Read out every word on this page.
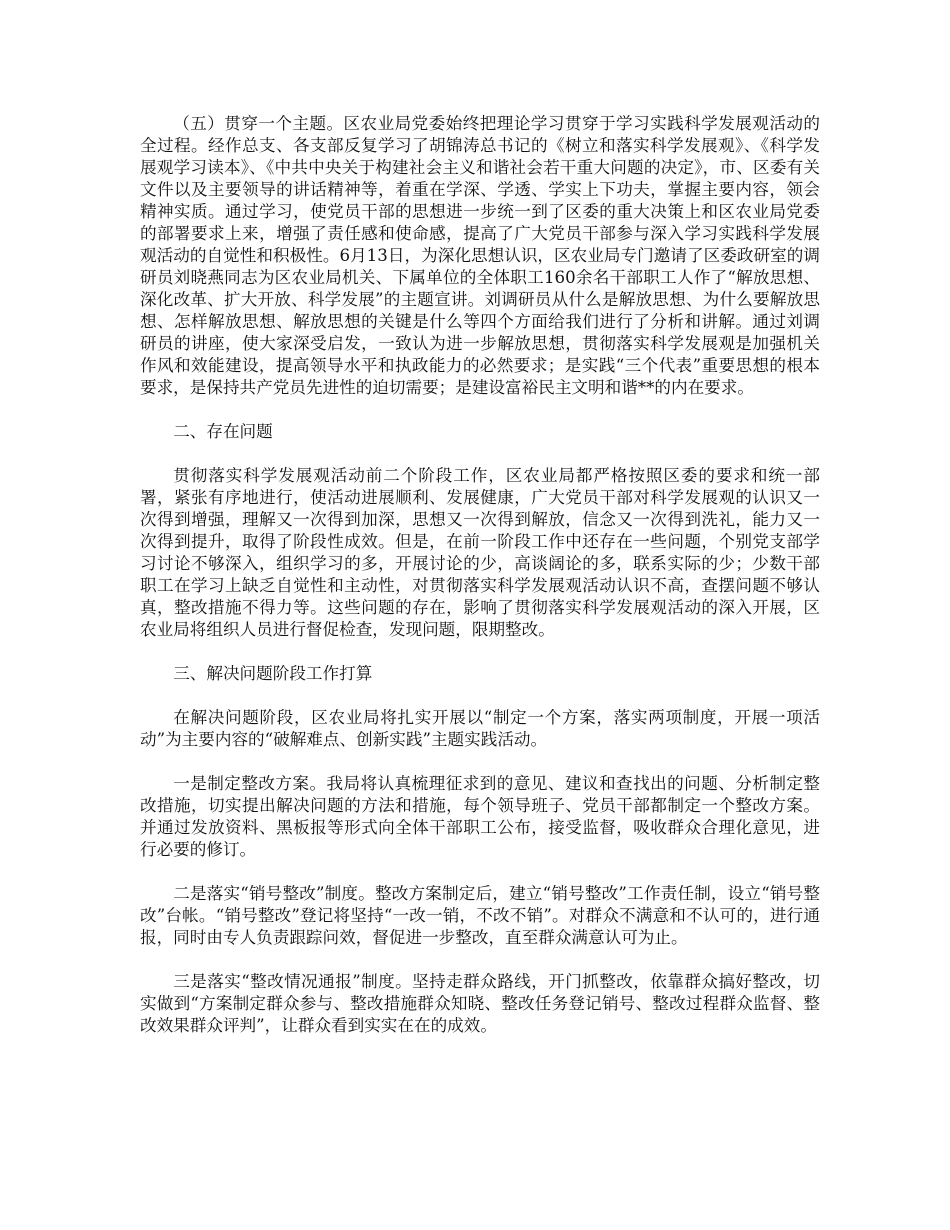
（五）贯穿一个主题。区农业局党委始终把理论学习贯穿于学习实践科学发展观活动的全过程。经作总支、各支部反复学习了胡锦涛总书记的《树立和落实科学发展观》、《科学发展观学习读本》、《中共中央关于构建社会主义和谐社会若干重大问题的决定》，市、区委有关文件以及主要领导的讲话精神等，着重在学深、学透、学实上下功夫，掌握主要内容，领会精神实质。通过学习，使党员干部的思想进一步统一到了区委的重大决策上和区农业局党委的部署要求上来，增强了责任感和使命感，提高了广大党员干部参与深入学习实践科学发展观活动的自觉性和积极性。6月13日，为深化思想认识，区农业局专门邀请了区委政研室的调研员刘晓燕同志为区农业局机关、下属单位的全体职工160余名干部职工人作了“解放思想、深化改革、扩大开放、科学发展”的主题宣讲。刘调研员从什么是解放思想、为什么要解放思想、怎样解放思想、解放思想的关键是什么等四个方面给我们进行了分析和讲解。通过刘调研员的讲座，使大家深受启发，一致认为进一步解放思想，贯彻落实科学发展观是加强机关作风和效能建设，提高领导水平和执政能力的必然要求；是实践“三个代表”重要思想的根本要求，是保持共产党员先进性的迫切需要；是建设富裕民主文明和谐**的内在要求。

二、存在问题

贯彻落实科学发展观活动前二个阶段工作，区农业局都严格按照区委的要求和统一部署，紧张有序地进行，使活动进展顺利、发展健康，广大党员干部对科学发展观的认识又一次得到增强，理解又一次得到加深，思想又一次得到解放，信念又一次得到洗礼，能力又一次得到提升，取得了阶段性成效。但是，在前一阶段工作中还存在一些问题，个别党支部学习讨论不够深入，组织学习的多，开展讨论的少，高谈阔论的多，联系实际的少；少数干部职工在学习上缺乏自觉性和主动性，对贯彻落实科学发展观活动认识不高，查摆问题不够认真，整改措施不得力等。这些问题的存在，影响了贯彻落实科学发展观活动的深入开展，区农业局将组织人员进行督促检查，发现问题，限期整改。

三、解决问题阶段工作打算

在解决问题阶段，区农业局将扎实开展以“制定一个方案，落实两项制度，开展一项活动”为主要内容的“破解难点、创新实践”主题实践活动。

一是制定整改方案。我局将认真梳理征求到的意见、建议和查找出的问题、分析制定整改措施，切实提出解决问题的方法和措施，每个领导班子、党员干部都制定一个整改方案。并通过发放资料、黑板报等形式向全体干部职工公布，接受监督，吸收群众合理化意见，进行必要的修订。

二是落实“销号整改”制度。整改方案制定后，建立“销号整改”工作责任制，设立“销号整改”台帐。“销号整改”登记将坚持“一改一销，不改不销”。对群众不满意和不认可的，进行通报，同时由专人负责跟踪问效，督促进一步整改，直至群众满意认可为止。

三是落实“整改情况通报”制度。坚持走群众路线，开门抓整改，依靠群众搞好整改，切实做到“方案制定群众参与、整改措施群众知晓、整改任务登记销号、整改过程群众监督、整改效果群众评判”，让群众看到实实在在的成效。
